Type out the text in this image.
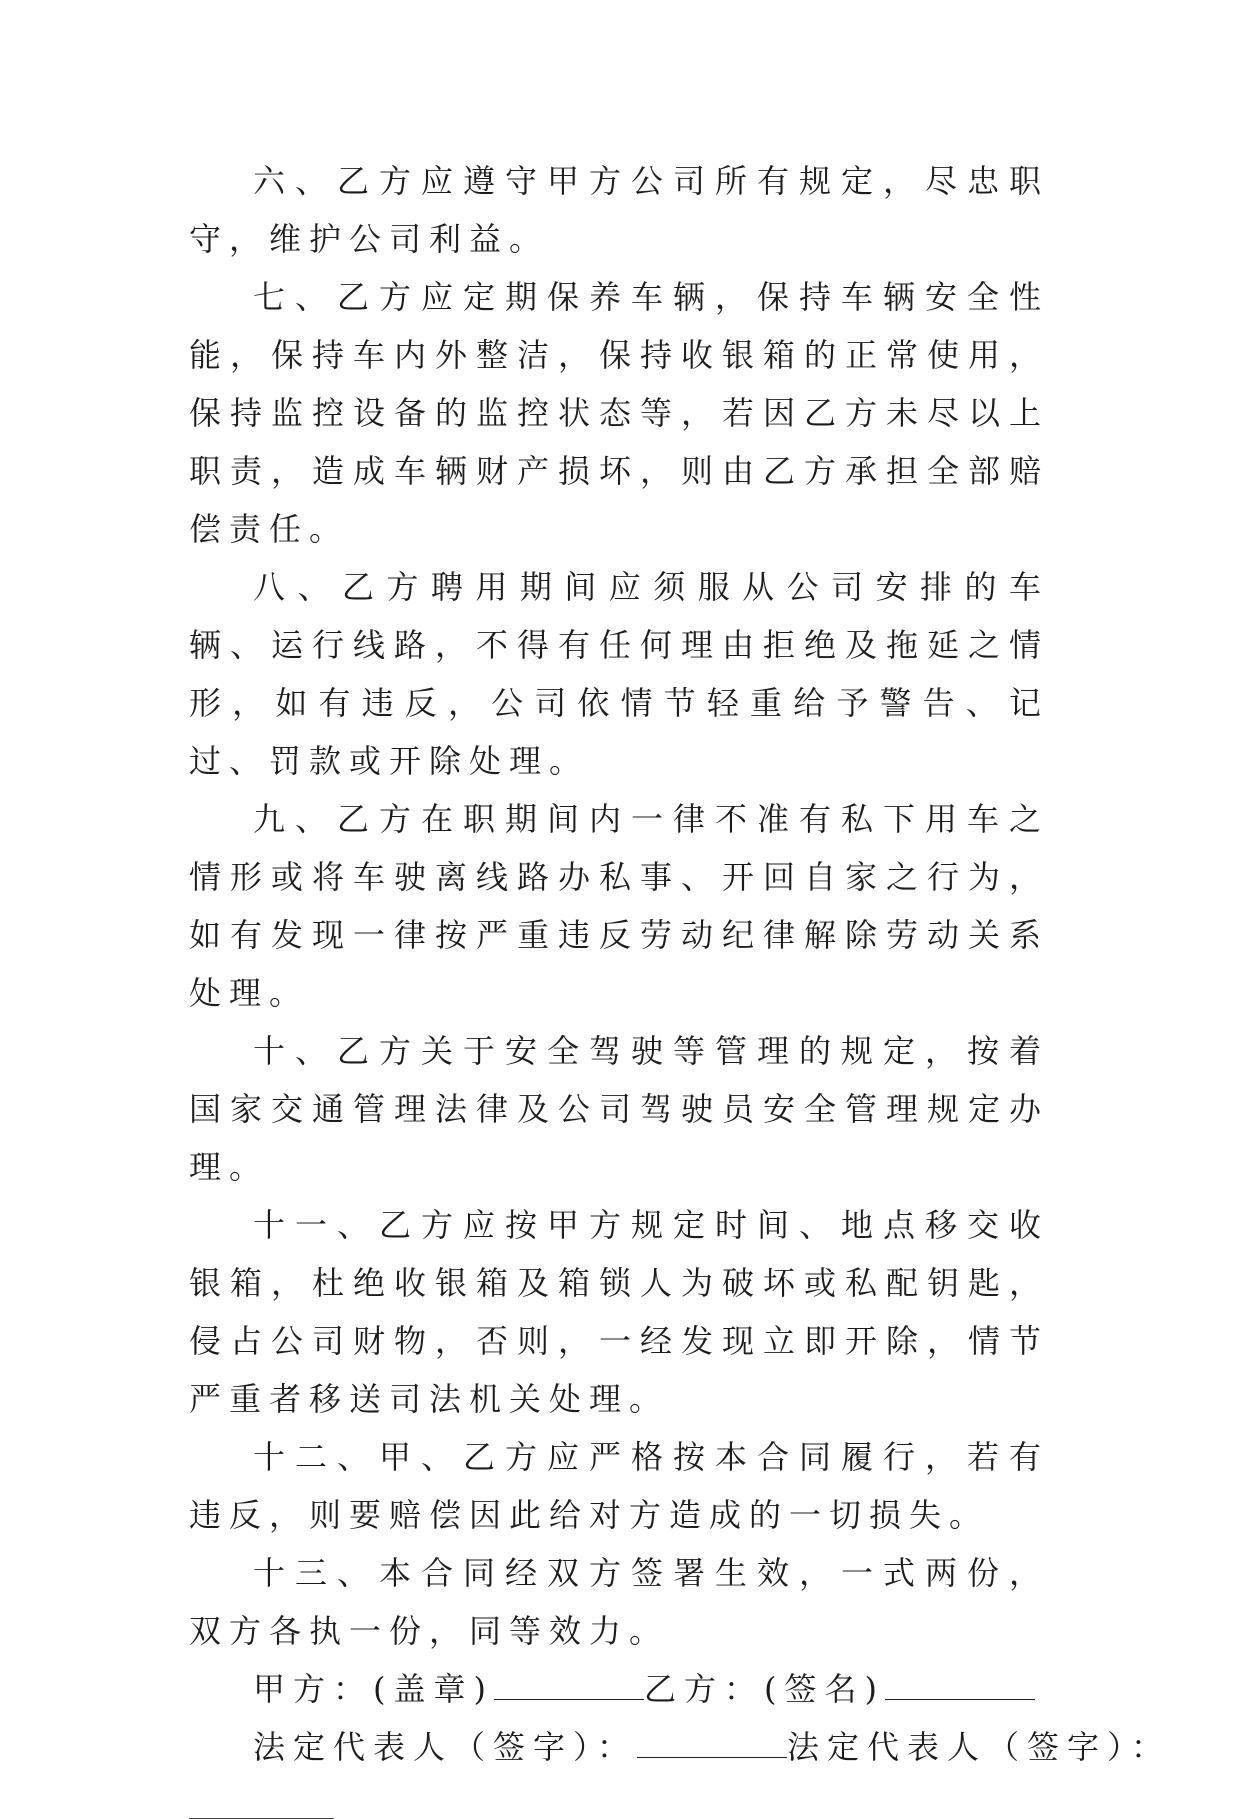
六、乙方应遵守甲方公司所有规定，尽忠职守，维护公司利益。

七、乙方应定期保养车辆，保持车辆安全性能，保持车内外整洁，保持收银箱的正常使用，保持监控设备的监控状态等，若因乙方未尽以上职责，造成车辆财产损坏，则由乙方承担全部赔偿责任。

八、乙方聘用期间应须服从公司安排的车辆、运行线路，不得有任何理由拒绝及拖延之情形，如有违反，公司依情节轻重给予警告、记过、罚款或开除处理。

九、乙方在职期间内一律不准有私下用车之情形或将车驶离线路办私事、开回自家之行为，如有发现一律按严重违反劳动纪律解除劳动关系处理。

十、乙方关于安全驾驶等管理的规定，按着国家交通管理法律及公司驾驶员安全管理规定办理。

十一、乙方应按甲方规定时间、地点移交收银箱，杜绝收银箱及箱锁人为破坏或私配钥匙，侵占公司财物，否则，一经发现立即开除，情节严重者移送司法机关处理。

十二、甲、乙方应严格按本合同履行，若有违反，则要赔偿因此给对方造成的一切损失。

十三、本合同经双方签署生效，一式两份，双方各执一份，同等效力。

甲方：(盖章)	乙方：(签名)

法定代表人（签字）：	法定代表人（签字）：
